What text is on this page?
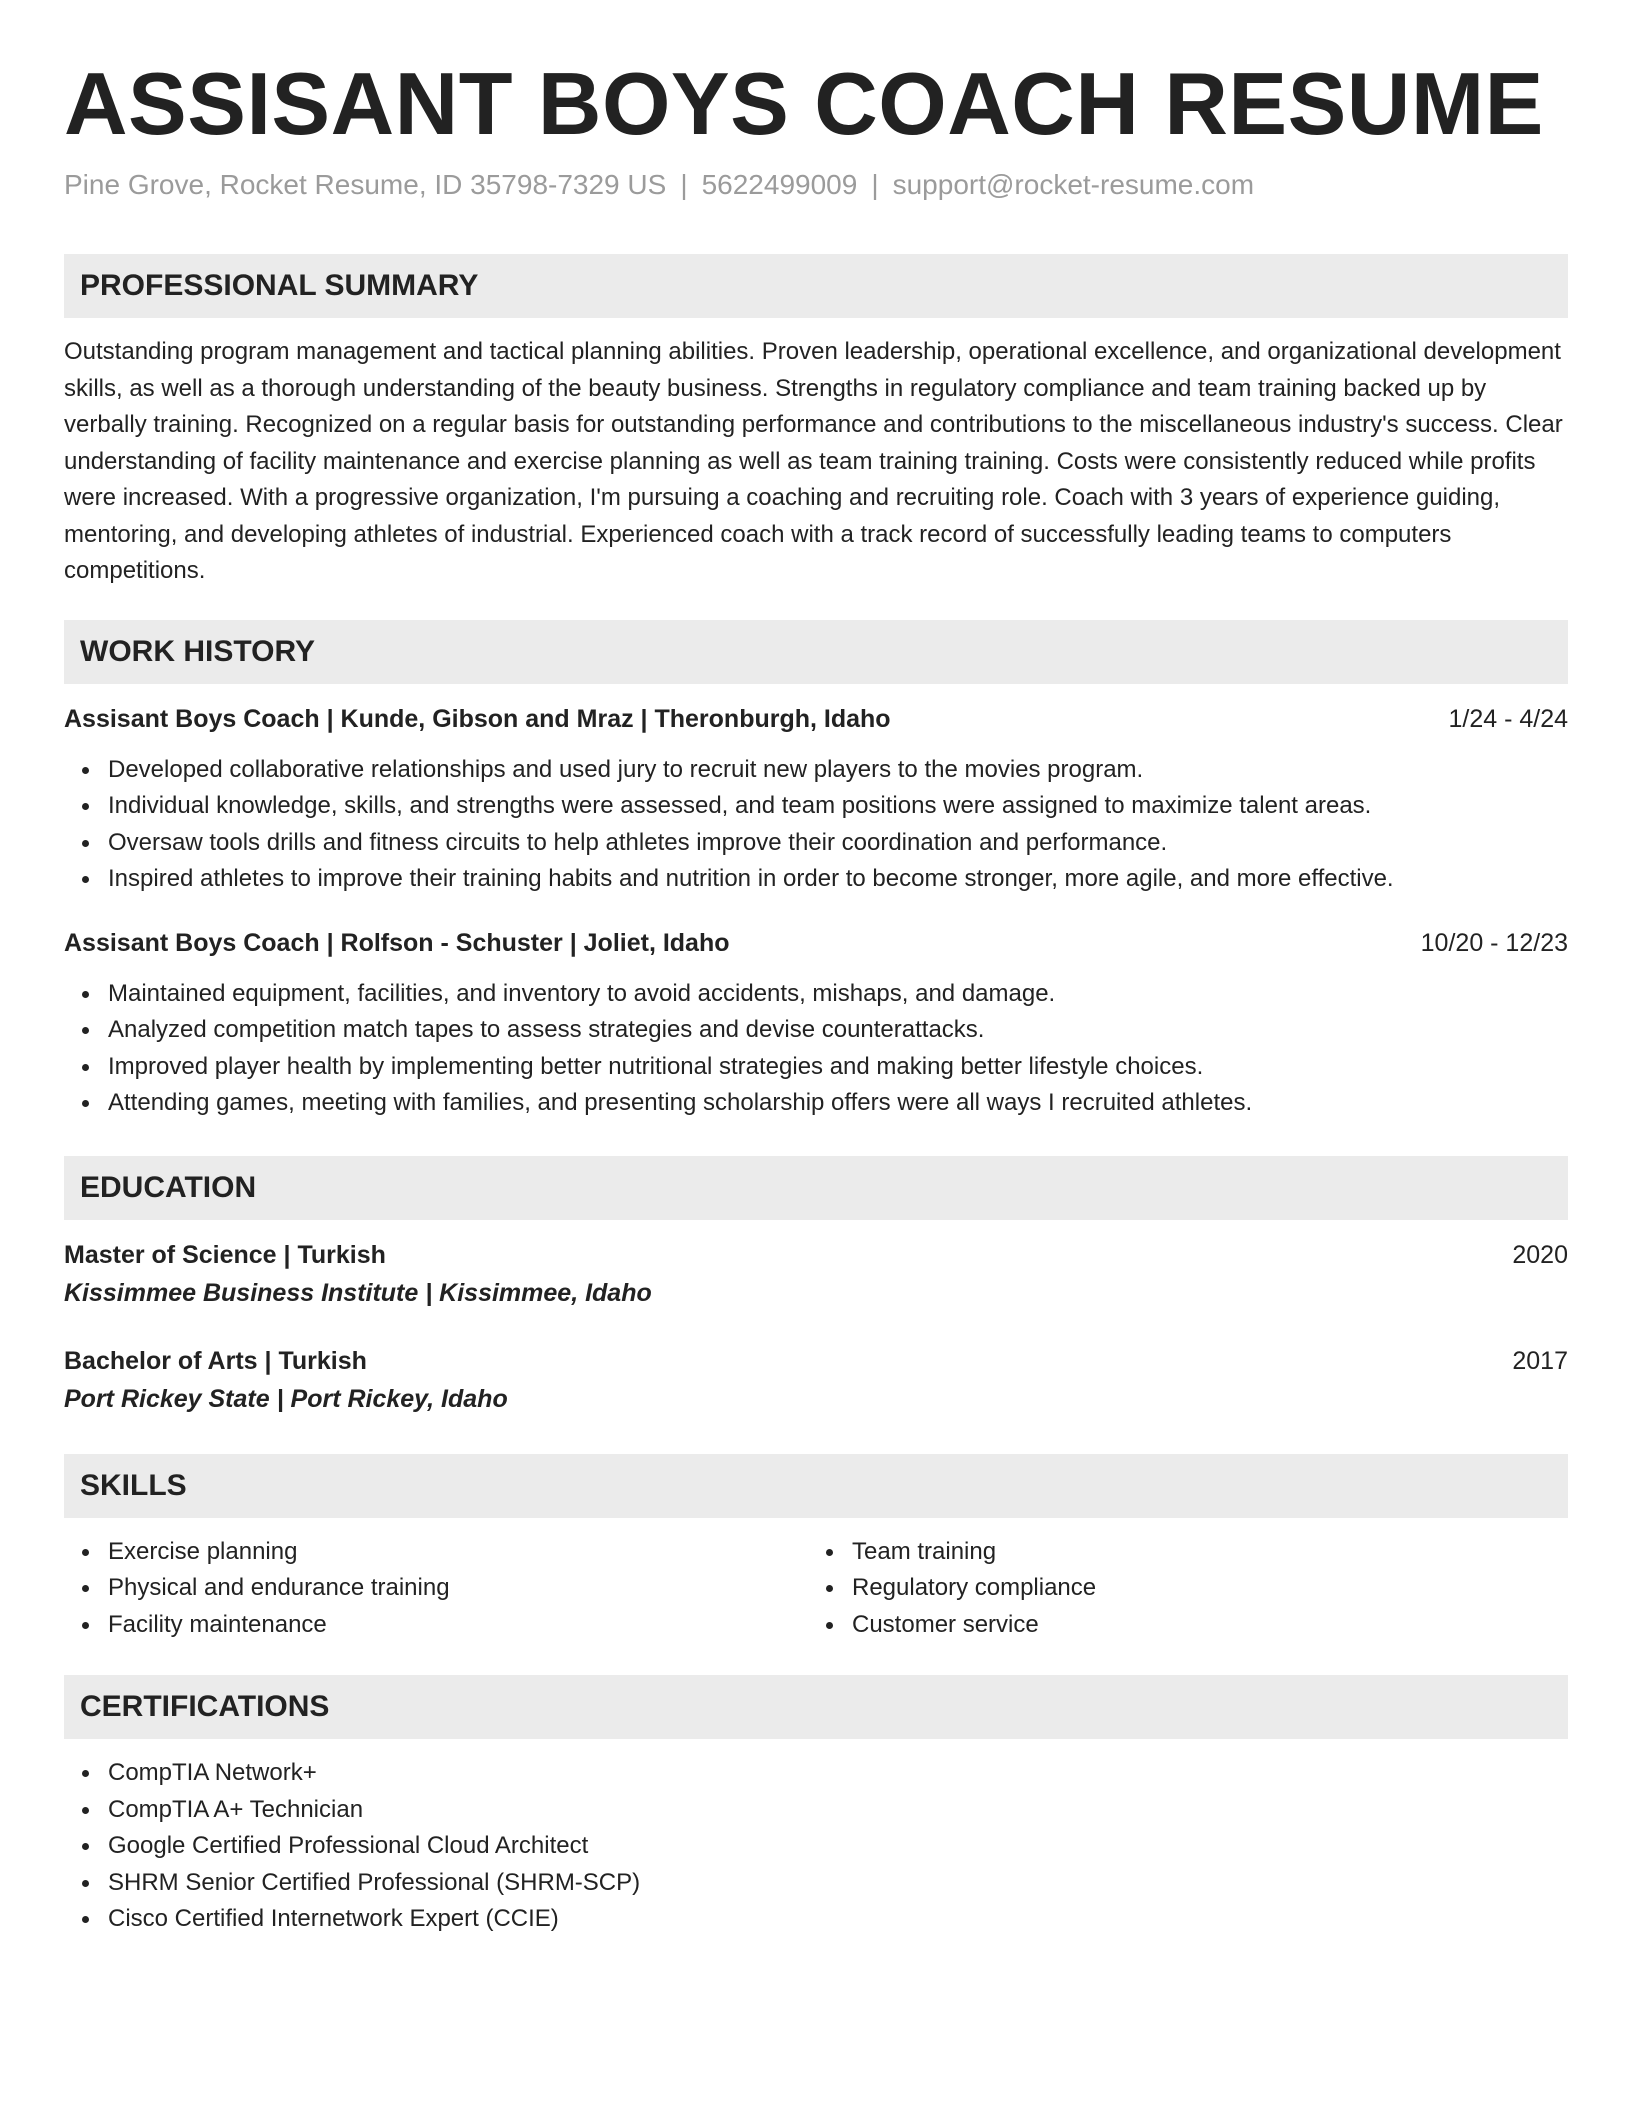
ASSISANT BOYS COACH RESUME
Pine Grove, Rocket Resume, ID 35798-7329 US | 5622499009 | support@rocket-resume.com
PROFESSIONAL SUMMARY

Outstanding program management and tactical planning abilities. Proven leadership, operational excellence, and organizational development skills, as well as a thorough understanding of the beauty business. Strengths in regulatory compliance and team training backed up by verbally training. Recognized on a regular basis for outstanding performance and contributions to the miscellaneous industry's success. Clear understanding of facility maintenance and exercise planning as well as team training training. Costs were consistently reduced while profits were increased. With a progressive organization, I'm pursuing a coaching and recruiting role. Coach with 3 years of experience guiding, mentoring, and developing athletes of industrial. Experienced coach with a track record of successfully leading teams to computers competitions.

WORK HISTORY
Assisant Boys Coach | Kunde, Gibson and Mraz | Theronburgh, Idaho	1/24 - 4/24
Developed collaborative relationships and used jury to recruit new players to the movies program.
Individual knowledge, skills, and strengths were assessed, and team positions were assigned to maximize talent areas.
Oversaw tools drills and fitness circuits to help athletes improve their coordination and performance.
Inspired athletes to improve their training habits and nutrition in order to become stronger, more agile, and more effective.
Assisant Boys Coach | Rolfson - Schuster | Joliet, Idaho	10/20 - 12/23
Maintained equipment, facilities, and inventory to avoid accidents, mishaps, and damage.
Analyzed competition match tapes to assess strategies and devise counterattacks.
Improved player health by implementing better nutritional strategies and making better lifestyle choices.
Attending games, meeting with families, and presenting scholarship offers were all ways I recruited athletes.
EDUCATION
Master of Science | Turkish	2020
Kissimmee Business Institute | Kissimmee, Idaho
Bachelor of Arts | Turkish	2017
Port Rickey State | Port Rickey, Idaho
SKILLS
Exercise planning
Physical and endurance training
Facility maintenance
Team training
Regulatory compliance
Customer service
CERTIFICATIONS
CompTIA Network+
CompTIA A+ Technician
Google Certified Professional Cloud Architect
SHRM Senior Certified Professional (SHRM-SCP)
Cisco Certified Internetwork Expert (CCIE)
